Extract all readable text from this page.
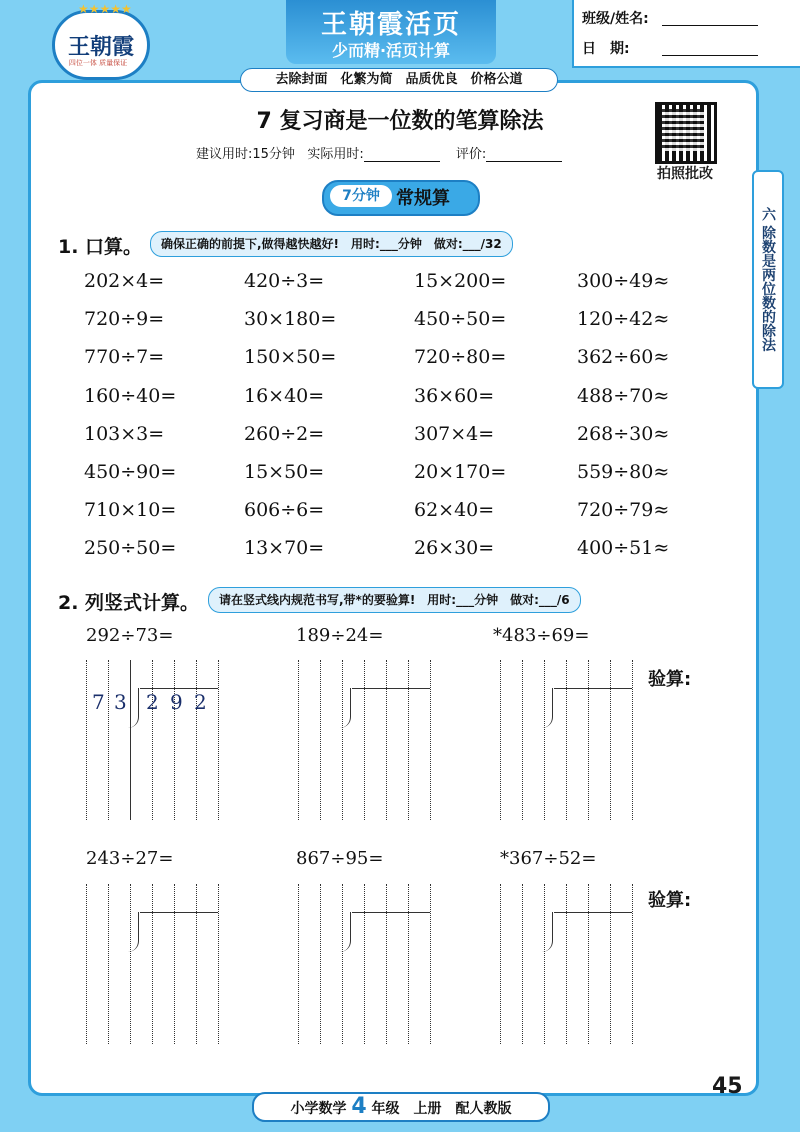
王朝霞
★★★★★
四位一体 质量保证
王朝霞活页
少而精·活页计算
班级/姓名:
日　期:
去除封面　化繁为简　品质优良　价格公道
7 复习商是一位数的笔算除法
建议用时:15分钟 实际用时:	评价:
拍照批改
7分钟 常规算
六 除数是两位数的除法
1. 口算。	确保正确的前提下,做得越快越好!　用时:___分钟　做对:___/32
202×4=	420÷3=	15×200=	300÷49≈
720÷9=	30×180=	450÷50=	120÷42≈
770÷7=	150×50=	720÷80=	362÷60≈
160÷40=	16×40=	36×60=	488÷70≈
103×3=	260÷2=	307×4=	268÷30≈
450÷90=	15×50=	20×170=	559÷80≈
710×10=	606÷6=	62×40=	720÷79≈
250÷50=	13×70=	26×30=	400÷51≈
2. 列竖式计算。	请在竖式线内规范书写,带*的要验算!　用时:___分钟　做对:___/6
292÷73=	189÷24=	*483÷69=
验算:
243÷27=	867÷95=	*367÷52=
验算:
7 3 2 9 2
小学数学 4 年级　上册　配人教版
45
